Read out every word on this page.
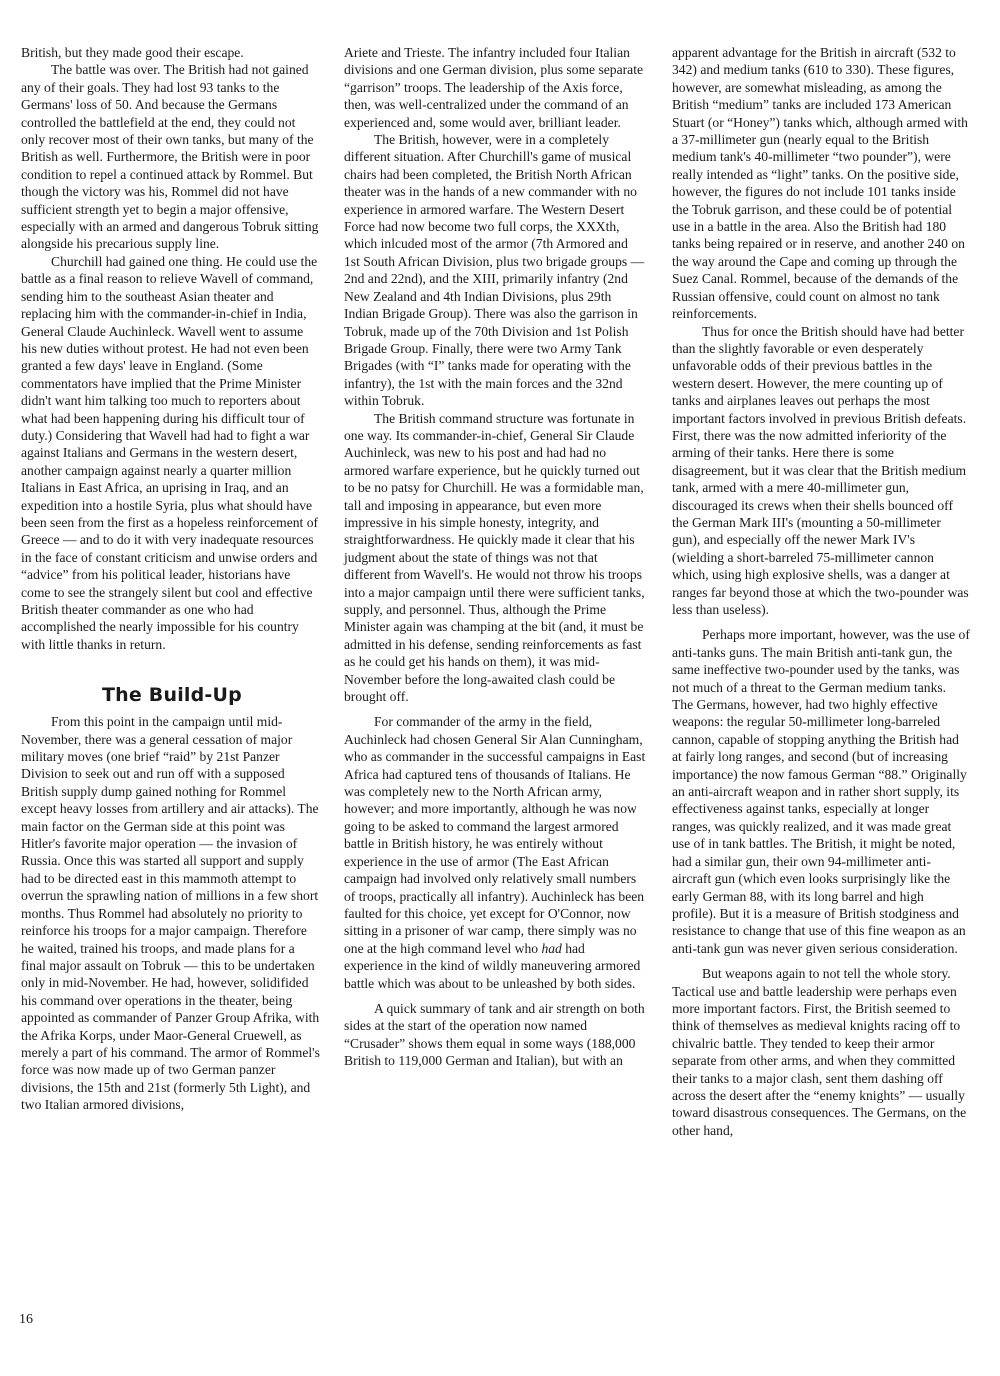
British, but they made good their escape.

The battle was over. The British had not gained any of their goals. They had lost 93 tanks to the Germans' loss of 50. And because the Germans controlled the battlefield at the end, they could not only recover most of their own tanks, but many of the British as well. Furthermore, the British were in poor condition to repel a continued attack by Rommel. But though the victory was his, Rommel did not have sufficient strength yet to begin a major offensive, especially with an armed and dangerous Tobruk sitting alongside his precarious supply line.

Churchill had gained one thing. He could use the battle as a final reason to relieve Wavell of command, sending him to the southeast Asian theater and replacing him with the commander-in-chief in India, General Claude Auchinleck. Wavell went to assume his new duties without protest. He had not even been granted a few days' leave in England. (Some commentators have implied that the Prime Minister didn't want him talking too much to reporters about what had been happening during his difficult tour of duty.) Considering that Wavell had had to fight a war against Italians and Germans in the western desert, another campaign against nearly a quarter million Italians in East Africa, an uprising in Iraq, and an expedition into a hostile Syria, plus what should have been seen from the first as a hopeless reinforcement of Greece — and to do it with very inadequate resources in the face of constant criticism and unwise orders and “advice” from his political leader, historians have come to see the strangely silent but cool and effective British theater commander as one who had accomplished the nearly impossible for his country with little thanks in return.

The Build-Up

From this point in the campaign until mid-November, there was a general cessation of major military moves (one brief “raid” by 21st Panzer Division to seek out and run off with a supposed British supply dump gained nothing for Rommel except heavy losses from artillery and air attacks). The main factor on the German side at this point was Hitler's favorite major operation — the invasion of Russia. Once this was started all support and supply had to be directed east in this mammoth attempt to overrun the sprawling nation of millions in a few short months. Thus Rommel had absolutely no priority to reinforce his troops for a major campaign. Therefore he waited, trained his troops, and made plans for a final major assault on Tobruk — this to be undertaken only in mid-November. He had, however, solidifided his command over operations in the theater, being appointed as commander of Panzer Group Afrika, with the Afrika Korps, under Maor-General Cruewell, as merely a part of his command. The armor of Rommel's force was now made up of two German panzer divisions, the 15th and 21st (formerly 5th Light), and two Italian armored divisions,

Ariete and Trieste. The infantry included four Italian divisions and one German division, plus some separate “garrison” troops. The leadership of the Axis force, then, was well-centralized under the command of an experienced and, some would aver, brilliant leader.

The British, however, were in a completely different situation. After Churchill's game of musical chairs had been completed, the British North African theater was in the hands of a new commander with no experience in armored warfare. The Western Desert Force had now become two full corps, the XXXth, which inlcuded most of the armor (7th Armored and 1st South African Division, plus two brigade groups — 2nd and 22nd), and the XIII, primarily infantry (2nd New Zealand and 4th Indian Divisions, plus 29th Indian Brigade Group). There was also the garrison in Tobruk, made up of the 70th Division and 1st Polish Brigade Group. Finally, there were two Army Tank Brigades (with “I” tanks made for operating with the infantry), the 1st with the main forces and the 32nd within Tobruk.

The British command structure was fortunate in one way. Its commander-in-chief, General Sir Claude Auchinleck, was new to his post and had had no armored warfare experience, but he quickly turned out to be no patsy for Churchill. He was a formidable man, tall and imposing in appearance, but even more impressive in his simple honesty, integrity, and straightforwardness. He quickly made it clear that his judgment about the state of things was not that different from Wavell's. He would not throw his troops into a major campaign until there were sufficient tanks, supply, and personnel. Thus, although the Prime Minister again was champing at the bit (and, it must be admitted in his defense, sending reinforcements as fast as he could get his hands on them), it was mid-November before the long-awaited clash could be brought off.

For commander of the army in the field, Auchinleck had chosen General Sir Alan Cunningham, who as commander in the successful campaigns in East Africa had captured tens of thousands of Italians. He was completely new to the North African army, however; and more importantly, although he was now going to be asked to command the largest armored battle in British history, he was entirely without experience in the use of armor (The East African campaign had involved only relatively small numbers of troops, practically all infantry). Auchinleck has been faulted for this choice, yet except for O'Connor, now sitting in a prisoner of war camp, there simply was no one at the high command level who had had experience in the kind of wildly maneuvering armored battle which was about to be unleashed by both sides.

A quick summary of tank and air strength on both sides at the start of the operation now named “Crusader” shows them equal in some ways (188,000 British to 119,000 German and Italian), but with an

apparent advantage for the British in aircraft (532 to 342) and medium tanks (610 to 330). These figures, however, are somewhat misleading, as among the British “medium” tanks are included 173 American Stuart (or “Honey”) tanks which, although armed with a 37-millimeter gun (nearly equal to the British medium tank's 40-millimeter “two pounder”), were really intended as “light” tanks. On the positive side, however, the figures do not include 101 tanks inside the Tobruk garrison, and these could be of potential use in a battle in the area. Also the British had 180 tanks being repaired or in reserve, and another 240 on the way around the Cape and coming up through the Suez Canal. Rommel, because of the demands of the Russian offensive, could count on almost no tank reinforcements.

Thus for once the British should have had better than the slightly favorable or even desperately unfavorable odds of their previous battles in the western desert. However, the mere counting up of tanks and airplanes leaves out perhaps the most important factors involved in previous British defeats. First, there was the now admitted inferiority of the arming of their tanks. Here there is some disagreement, but it was clear that the British medium tank, armed with a mere 40-millimeter gun, discouraged its crews when their shells bounced off the German Mark III's (mounting a 50-millimeter gun), and especially off the newer Mark IV's (wielding a short-barreled 75-millimeter cannon which, using high explosive shells, was a danger at ranges far beyond those at which the two-pounder was less than useless).

Perhaps more important, however, was the use of anti-tanks guns. The main British anti-tank gun, the same ineffective two-pounder used by the tanks, was not much of a threat to the German medium tanks. The Germans, however, had two highly effective weapons: the regular 50-millimeter long-barreled cannon, capable of stopping anything the British had at fairly long ranges, and second (but of increasing importance) the now famous German “88.” Originally an anti-aircraft weapon and in rather short supply, its effectiveness against tanks, especially at longer ranges, was quickly realized, and it was made great use of in tank battles. The British, it might be noted, had a similar gun, their own 94-millimeter anti-aircraft gun (which even looks surprisingly like the early German 88, with its long barrel and high profile). But it is a measure of British stodginess and resistance to change that use of this fine weapon as an anti-tank gun was never given serious consideration.

But weapons again to not tell the whole story. Tactical use and battle leadership were perhaps even more important factors. First, the British seemed to think of themselves as medieval knights racing off to chivalric battle. They tended to keep their armor separate from other arms, and when they committed their tanks to a major clash, sent them dashing off across the desert after the “enemy knights” — usually toward disastrous consequences. The Germans, on the other hand,

16
